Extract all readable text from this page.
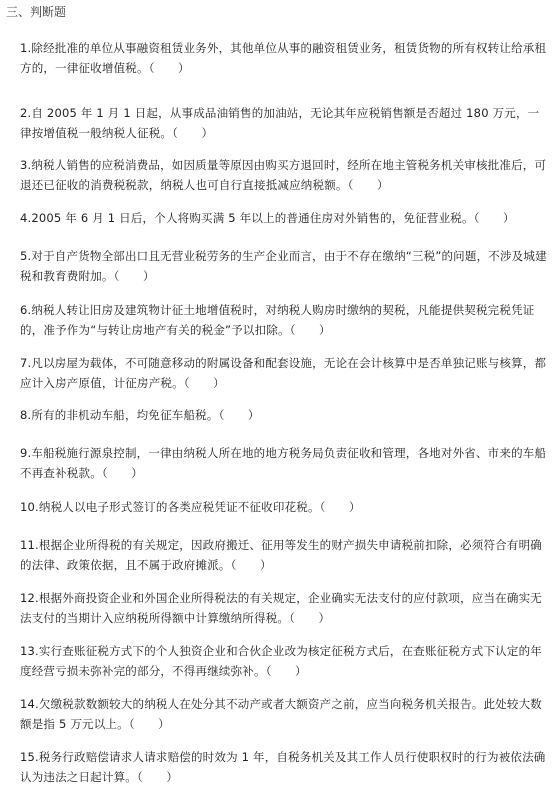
三、判断题
1.除经批准的单位从事融资租赁业务外，其他单位从事的融资租赁业务，租赁货物的所有权转让给承租方的，一律征收增值税。（　　）
2.自 2005 年 1 月 1 日起，从事成品油销售的加油站，无论其年应税销售额是否超过 180 万元，一律按增值税一般纳税人征税。（　　）
3.纳税人销售的应税消费品，如因质量等原因由购买方退回时，经所在地主管税务机关审核批准后，可退还已征收的消费税税款，纳税人也可自行直接抵减应纳税额。（　　）
4.2005 年 6 月 1 日后，个人将购买满 5 年以上的普通住房对外销售的，免征营业税。（　　）
5.对于自产货物全部出口且无营业税劳务的生产企业而言，由于不存在缴纳“三税”的问题，不涉及城建税和教育费附加。（　　）
6.纳税人转让旧房及建筑物计征土地增值税时，对纳税人购房时缴纳的契税，凡能提供契税完税凭证的，准予作为“与转让房地产有关的税金”予以扣除。（　　）
7.凡以房屋为载体，不可随意移动的附属设备和配套设施，无论在会计核算中是否单独记账与核算，都应计入房产原值，计征房产税。（　　）
8.所有的非机动车船，均免征车船税。（　　）
9.车船税施行源泉控制，一律由纳税人所在地的地方税务局负责征收和管理，各地对外省、市来的车船不再查补税款。（　　）
10.纳税人以电子形式签订的各类应税凭证不征收印花税。（　　）
11.根据企业所得税的有关规定，因政府搬迁、征用等发生的财产损失申请税前扣除，必须符合有明确的法律、政策依据，且不属于政府摊派。（　　）
12.根据外商投资企业和外国企业所得税法的有关规定，企业确实无法支付的应付款项，应当在确实无法支付的当期计入应纳税所得额中计算缴纳所得税。（　　）
13.实行查账征税方式下的个人独资企业和合伙企业改为核定征税方式后，在查账征税方式下认定的年度经营亏损未弥补完的部分，不得再继续弥补。（　　）
14.欠缴税款数额较大的纳税人在处分其不动产或者大额资产之前，应当向税务机关报告。此处较大数额是指 5 万元以上。（　　）
15.税务行政赔偿请求人请求赔偿的时效为 1 年，自税务机关及其工作人员行使职权时的行为被依法确认为违法之日起计算。（　　）
